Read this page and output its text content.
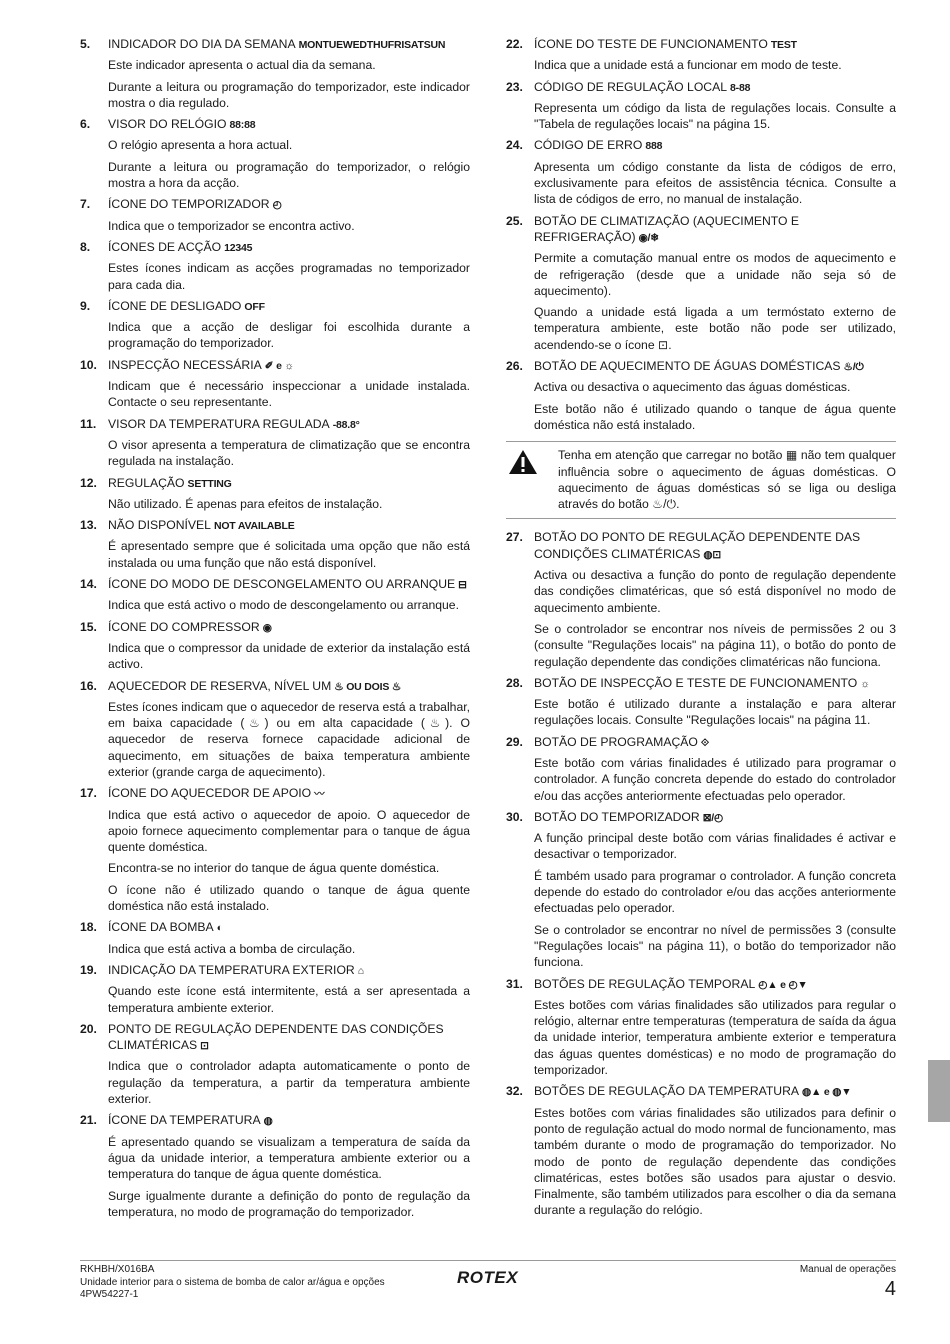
5.	INDICADOR DO DIA DA SEMANA MONTUEWEDTHUFRISATSUN
Este indicador apresenta o actual dia da semana.
Durante a leitura ou programação do temporizador, este indicador mostra o dia regulado.
6.	VISOR DO RELÓGIO 88:88
O relógio apresenta a hora actual.
Durante a leitura ou programação do temporizador, o relógio mostra a hora da acção.
7.	ÍCONE DO TEMPORIZADOR ◴
Indica que o temporizador se encontra activo.
8.	ÍCONES DE ACÇÃO 12345
Estes ícones indicam as acções programadas no temporizador para cada dia.
9.	ÍCONE DE DESLIGADO OFF
Indica que a acção de desligar foi escolhida durante a programação do temporizador.
10. INSPECÇÃO NECESSÁRIA ✐ e ☼
Indicam que é necessário inspeccionar a unidade instalada. Contacte o seu representante.
11. VISOR DA TEMPERATURA REGULADA -88.8°
O visor apresenta a temperatura de climatização que se encontra regulada na instalação.
12. REGULAÇÃO SETTING
Não utilizado. É apenas para efeitos de instalação.
13. NÃO DISPONÍVEL NOT AVAILABLE
É apresentado sempre que é solicitada uma opção que não está instalada ou uma função que não está disponível.
14. ÍCONE DO MODO DE DESCONGELAMENTO OU ARRANQUE ⊟
Indica que está activo o modo de descongelamento ou arranque.
15. ÍCONE DO COMPRESSOR ◉
Indica que o compressor da unidade de exterior da instalação está activo.
16. AQUECEDOR DE RESERVA, NÍVEL UM ♨ OU DOIS ♨
Estes ícones indicam que o aquecedor de reserva está a trabalhar, em baixa capacidade (♨) ou em alta capacidade (♨). O aquecedor de reserva fornece capacidade adicional de aquecimento, em situações de baixa temperatura ambiente exterior (grande carga de aquecimento).
17. ÍCONE DO AQUECEDOR DE APOIO 〰
Indica que está activo o aquecedor de apoio. O aquecedor de apoio fornece aquecimento complementar para o tanque de água quente doméstica.
Encontra-se no interior do tanque de água quente doméstica.
O ícone não é utilizado quando o tanque de água quente doméstica não está instalado.
18. ÍCONE DA BOMBA ◐
Indica que está activa a bomba de circulação.
19. INDICAÇÃO DA TEMPERATURA EXTERIOR ⌂
Quando este ícone está intermitente, está a ser apresentada a temperatura ambiente exterior.
20. PONTO DE REGULAÇÃO DEPENDENTE DAS CONDIÇÕES CLIMATÉRICAS ⊡
Indica que o controlador adapta automaticamente o ponto de regulação da temperatura, a partir da temperatura ambiente exterior.
21. ÍCONE DA TEMPERATURA ◍
É apresentado quando se visualizam a temperatura de saída da água da unidade interior, a temperatura ambiente exterior ou a temperatura do tanque de água quente doméstica.
Surge igualmente durante a definição do ponto de regulação da temperatura, no modo de programação do temporizador.
22. ÍCONE DO TESTE DE FUNCIONAMENTO TEST
Indica que a unidade está a funcionar em modo de teste.
23. CÓDIGO DE REGULAÇÃO LOCAL 8-88
Representa um código da lista de regulações locais. Consulte a "Tabela de regulações locais" na página 15.
24. CÓDIGO DE ERRO 888
Apresenta um código constante da lista de códigos de erro, exclusivamente para efeitos de assistência técnica. Consulte a lista de códigos de erro, no manual de instalação.
25. BOTÃO DE CLIMATIZAÇÃO (AQUECIMENTO E REFRIGERAÇÃO) ◉/❄
Permite a comutação manual entre os modos de aquecimento e de refrigeração (desde que a unidade não seja só de aquecimento).
Quando a unidade está ligada a um termóstato externo de temperatura ambiente, este botão não pode ser utilizado, acendendo-se o ícone ⊡.
26. BOTÃO DE AQUECIMENTO DE ÁGUAS DOMÉSTICAS ♨/⏻
Activa ou desactiva o aquecimento das águas domésticas.
Este botão não é utilizado quando o tanque de água quente doméstica não está instalado.
Tenha em atenção que carregar no botão ▦ não tem qualquer influência sobre o aquecimento de águas domésticas. O aquecimento de águas domésticas só se liga ou desliga através do botão ♨/⏻.
27. BOTÃO DO PONTO DE REGULAÇÃO DEPENDENTE DAS CONDIÇÕES CLIMATÉRICAS ◍⊡
Activa ou desactiva a função do ponto de regulação dependente das condições climatéricas, que só está disponível no modo de aquecimento ambiente.
Se o controlador se encontrar nos níveis de permissões 2 ou 3 (consulte "Regulações locais" na página 11), o botão do ponto de regulação dependente das condições climatéricas não funciona.
28. BOTÃO DE INSPECÇÃO E TESTE DE FUNCIONAMENTO ☼
Este botão é utilizado durante a instalação e para alterar regulações locais. Consulte "Regulações locais" na página 11.
29. BOTÃO DE PROGRAMAÇÃO ⟐
Este botão com várias finalidades é utilizado para programar o controlador. A função concreta depende do estado do controlador e/ou das acções anteriormente efectuadas pelo operador.
30. BOTÃO DO TEMPORIZADOR ⊠/◴
A função principal deste botão com várias finalidades é activar e desactivar o temporizador.
É também usado para programar o controlador. A função concreta depende do estado do controlador e/ou das acções anteriormente efectuadas pelo operador.
Se o controlador se encontrar no nível de permissões 3 (consulte "Regulações locais" na página 11), o botão do temporizador não funciona.
31. BOTÕES DE REGULAÇÃO TEMPORAL ◴▲ e ◴▼
Estes botões com várias finalidades são utilizados para regular o relógio, alternar entre temperaturas (temperatura de saída da água da unidade interior, temperatura ambiente exterior e temperatura das águas quentes domésticas) e no modo de programação do temporizador.
32. BOTÕES DE REGULAÇÃO DA TEMPERATURA ◍▲ e ◍▼
Estes botões com várias finalidades são utilizados para definir o ponto de regulação actual do modo normal de funcionamento, mas também durante o modo de programação do temporizador. No modo de ponto de regulação dependente das condições climatéricas, estes botões são usados para ajustar o desvio. Finalmente, são também utilizados para escolher o dia da semana durante a regulação do relógio.
RKHBH/X016BA
Unidade interior para o sistema de bomba de calor ar/água e opções
4PW54227-1
ROTEX	Manual de operações
4
